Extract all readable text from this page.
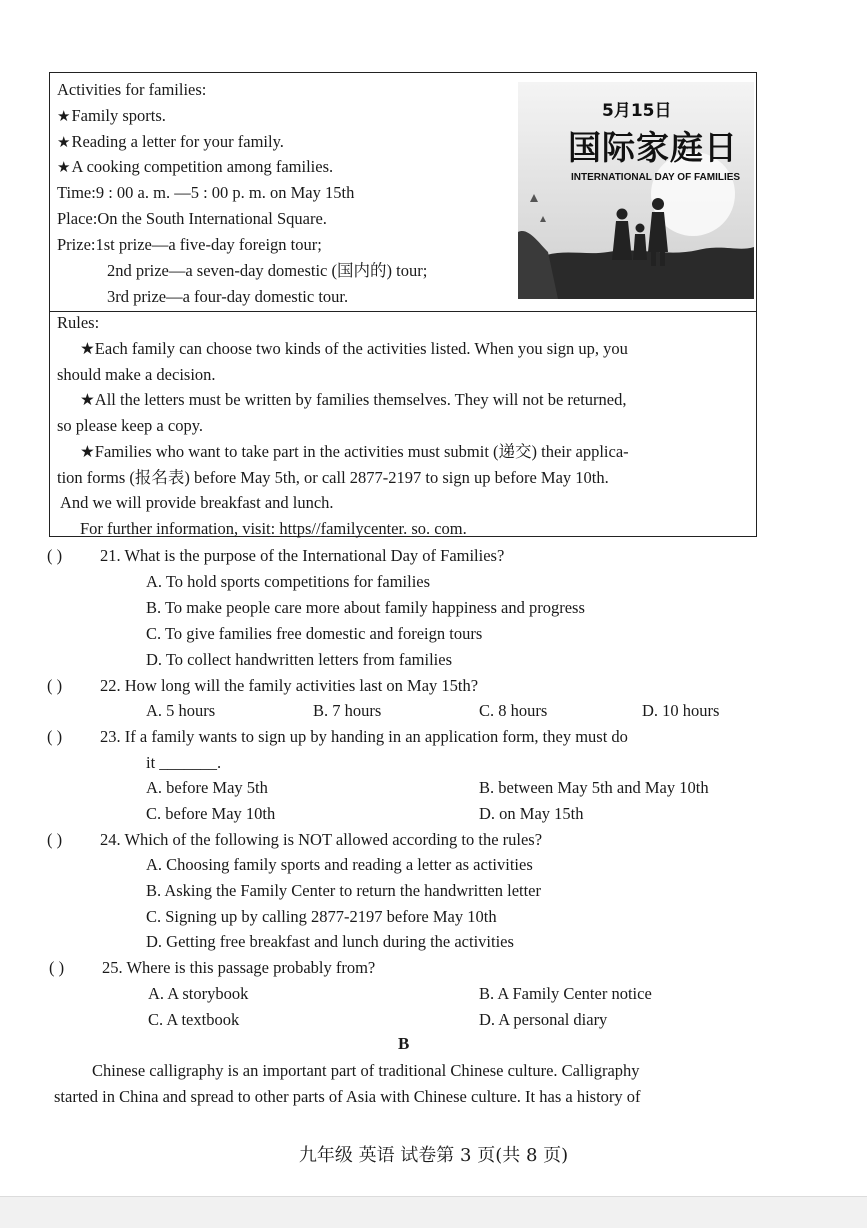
Activities for families:
★Family sports.
★Reading a letter for your family.
★A cooking competition among families.
Time:9 : 00 a. m. —5 : 00 p. m. on May 15th
Place:On the South International Square.
Prize:1st prize—a five-day foreign tour;
2nd prize—a seven-day domestic (国内的) tour;
3rd prize—a four-day domestic tour.
5月15日
国际家庭日
INTERNATIONAL DAY OF FAMILIES
Rules:
★Each family can choose two kinds of the activities listed. When you sign up, you
should make a decision.
★All the letters must be written by families themselves. They will not be returned,
so please keep a copy.
★Families who want to take part in the activities must submit (递交) their applica-
tion forms (报名表) before May 5th, or call 2877-2197 to sign up before May 10th.
And we will provide breakfast and lunch.
For further information, visit: https//familycenter. so. com.
( ) 21. What is the purpose of the International Day of Families?
A. To hold sports competitions for families
B. To make people care more about family happiness and progress
C. To give families free domestic and foreign tours
D. To collect handwritten letters from families
( ) 22. How long will the family activities last on May 15th?
A. 5 hours	B. 7 hours	C. 8 hours	D. 10 hours
( ) 23. If a family wants to sign up by handing in an application form, they must do
it _______.
A. before May 5th	B. between May 5th and May 10th
C. before May 10th	D. on May 15th
( ) 24. Which of the following is NOT allowed according to the rules?
A. Choosing family sports and reading a letter as activities
B. Asking the Family Center to return the handwritten letter
C. Signing up by calling 2877-2197 before May 10th
D. Getting free breakfast and lunch during the activities
( ) 25. Where is this passage probably from?
A. A storybook	B. A Family Center notice
C. A textbook	D. A personal diary
B
Chinese calligraphy is an important part of traditional Chinese culture. Calligraphy
started in China and spread to other parts of Asia with Chinese culture. It has a history of
九年级 英语 试卷第 3 页(共 8 页)
